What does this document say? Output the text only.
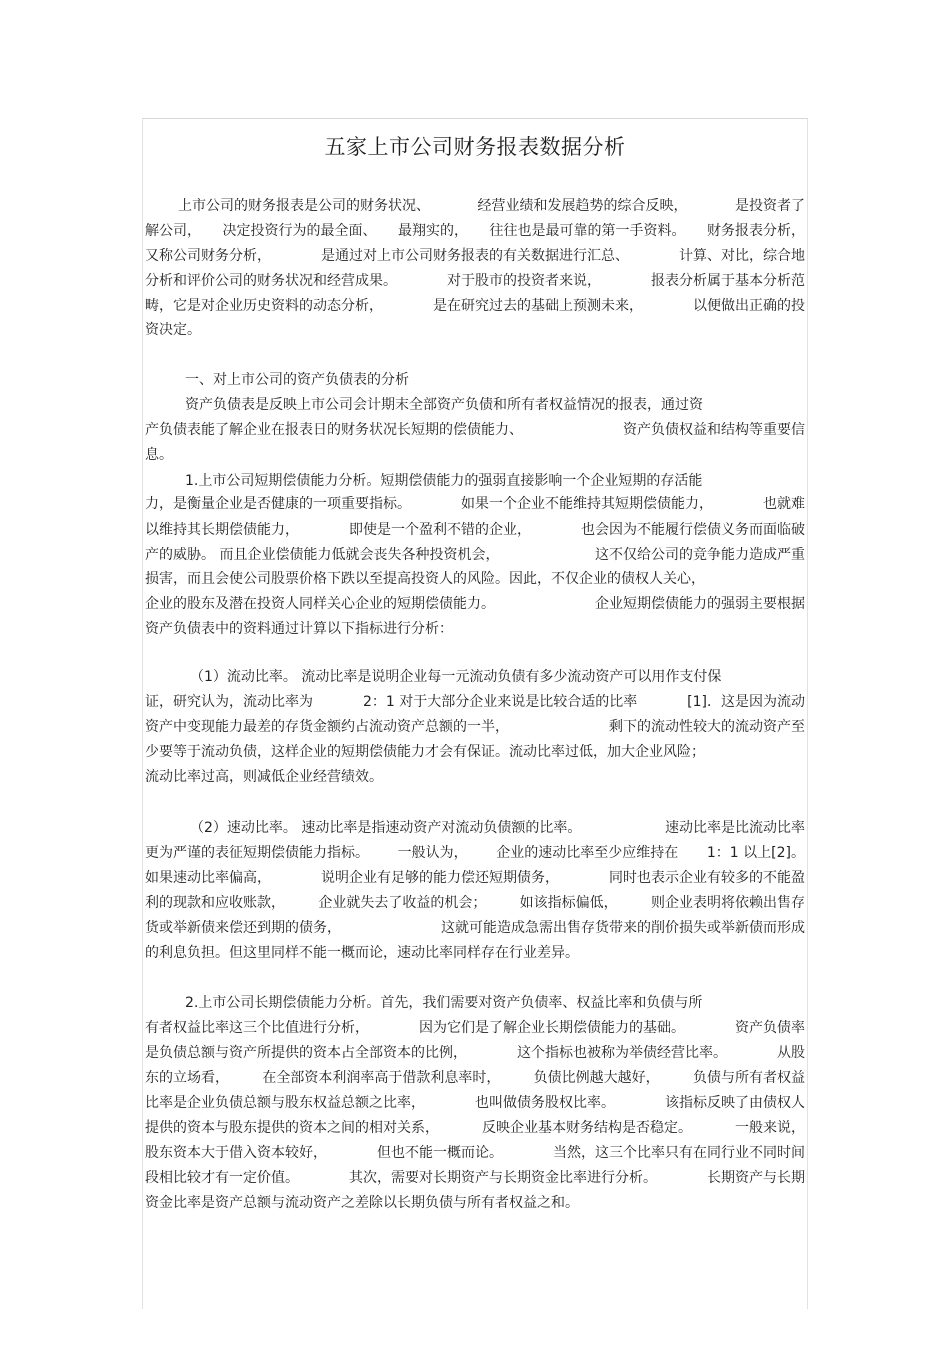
五家上市公司财务报表数据分析
上市公司的财务报表是公司的财务状况、	经营业绩和发展趋势的综合反映，	是投资者了
解公司， 决定投资行为的最全面、 最翔实的， 往往也是最可靠的第一手资料。 财务报表分析，
又称公司财务分析，	是通过对上市公司财务报表的有关数据进行汇总、	计算、对比，综合地
分析和评价公司的财务状况和经营成果。	对于股市的投资者来说，	报表分析属于基本分析范
畴，它是对企业历史资料的动态分析，	是在研究过去的基础上预测未来，	以便做出正确的投
资决定。
一、对上市公司的资产负债表的分析
资产负债表是反映上市公司会计期末全部资产负债和所有者权益情况的报表，通过资
产负债表能了解企业在报表日的财务状况长短期的偿债能力、	资产负债权益和结构等重要信
息。
1.上市公司短期偿债能力分析。短期偿债能力的强弱直接影响一个企业短期的存活能
力，是衡量企业是否健康的一项重要指标。	如果一个企业不能维持其短期偿债能力，	也就难
以维持其长期偿债能力，	即使是一个盈利不错的企业，	也会因为不能履行偿债义务而面临破
产的威胁。 而且企业偿债能力低就会丧失各种投资机会，	这不仅给公司的竞争能力造成严重
损害，而且会使公司股票价格下跌以至提高投资人的风险。因此，不仅企业的债权人关心，
企业的股东及潜在投资人同样关心企业的短期偿债能力。	企业短期偿债能力的强弱主要根据
资产负债表中的资料通过计算以下指标进行分析：
（1）流动比率。 流动比率是说明企业每一元流动负债有多少流动资产可以用作支付保
证，研究认为，流动比率为	2：1 对于大部分企业来说是比较合适的比率	[1]．这是因为流动
资产中变现能力最差的存货金额约占流动资产总额的一半，	剩下的流动性较大的流动资产至
少要等于流动负债，这样企业的短期偿债能力才会有保证。流动比率过低，加大企业风险；
流动比率过高，则减低企业经营绩效。
（2）速动比率。 速动比率是指速动资产对流动负债额的比率。	速动比率是比流动比率
更为严谨的表征短期偿债能力指标。 一般认为， 企业的速动比率至少应维持在 1：1 以上[2]。
如果速动比率偏高，	说明企业有足够的能力偿还短期债务，	同时也表示企业有较多的不能盈
利的现款和应收账款， 企业就失去了收益的机会； 如该指标偏低， 则企业表明将依赖出售存
货或举新债来偿还到期的债务，	这就可能造成急需出售存货带来的削价损失或举新债而形成
的利息负担。但这里同样不能一概而论，速动比率同样存在行业差异。
2.上市公司长期偿债能力分析。首先，我们需要对资产负债率、权益比率和负债与所
有者权益比率这三个比值进行分析，	因为它们是了解企业长期偿债能力的基础。	资产负债率
是负债总额与资产所提供的资本占全部资本的比例，	这个指标也被称为举债经营比率。	从股
东的立场看， 在全部资本利润率高于借款利息率时， 负债比例越大越好， 负债与所有者权益
比率是企业负债总额与股东权益总额之比率，	也叫做债务股权比率。	该指标反映了由债权人
提供的资本与股东提供的资本之间的相对关系，	反映企业基本财务结构是否稳定。	一般来说，
股东资本大于借入资本较好，	但也不能一概而论。	当然，这三个比率只有在同行业不同时间
段相比较才有一定价值。	其次，需要对长期资产与长期资金比率进行分析。	长期资产与长期
资金比率是资产总额与流动资产之差除以长期负债与所有者权益之和。
